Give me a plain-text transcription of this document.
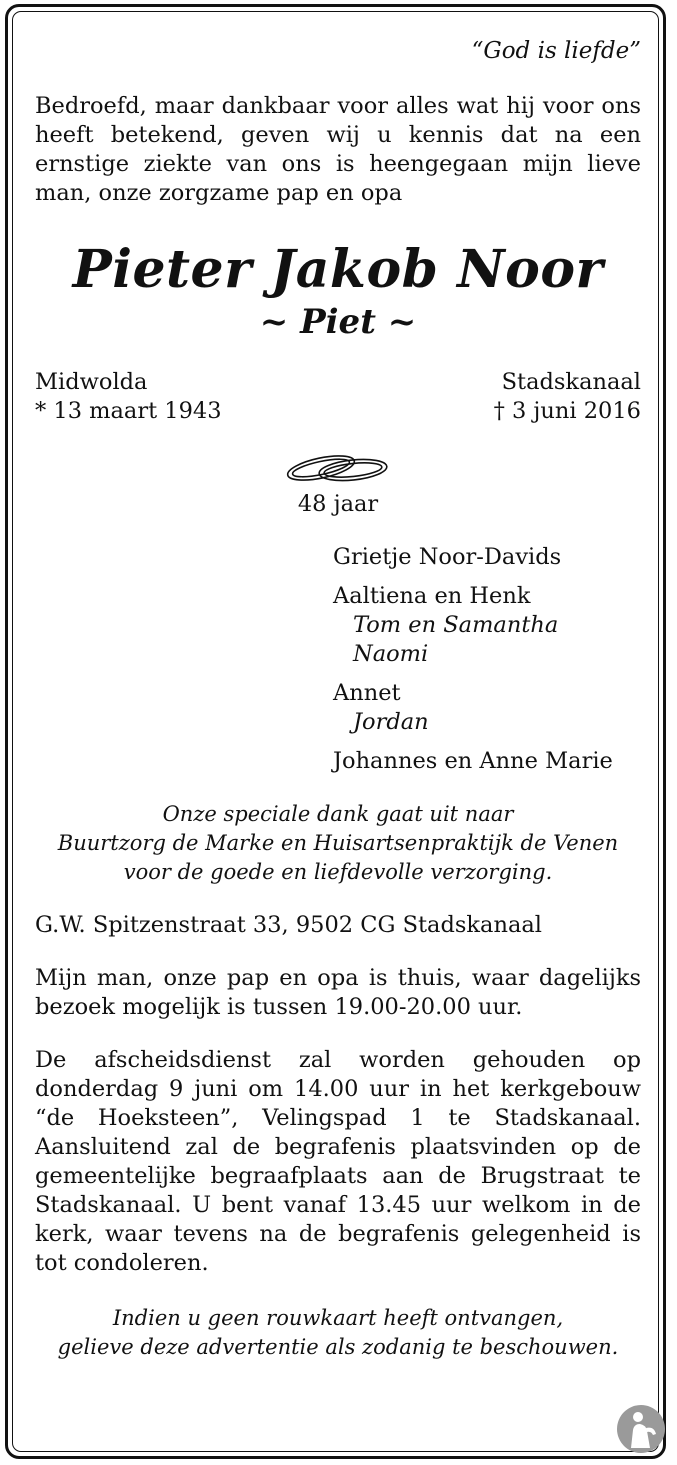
“God is liefde”
Bedroefd, maar dankbaar voor alles wat hij voor ons heeft betekend, geven wij u kennis dat na een ernstige ziekte van ons is heengegaan mijn lieve man, onze zorgzame pap en opa
Pieter Jakob Noor
~ Piet ~
Midwolda
* 13 maart 1943
Stadskanaal
† 3 juni 2016
48 jaar
Grietje Noor-Davids
Aaltiena en Henk
Tom en Samantha
Naomi
Annet
Jordan
Johannes en Anne Marie
Onze speciale dank gaat uit naar
Buurtzorg de Marke en Huisartsenpraktijk de Venen
voor de goede en liefdevolle verzorging.
G.W. Spitzenstraat 33, 9502 CG Stadskanaal
Mijn man, onze pap en opa is thuis, waar dagelijks bezoek mogelijk is tussen 19.00-20.00 uur.
De afscheidsdienst zal worden gehouden op donderdag 9 juni om 14.00 uur in het kerkgebouw “de Hoeksteen”, Velingspad 1 te Stadskanaal. Aansluitend zal de begrafenis plaatsvinden op de gemeentelijke begraafplaats aan de Brugstraat te Stadskanaal. U bent vanaf 13.45 uur welkom in de kerk, waar tevens na de begrafenis gelegenheid is tot condoleren.
Indien u geen rouwkaart heeft ontvangen,
gelieve deze advertentie als zodanig te beschouwen.
